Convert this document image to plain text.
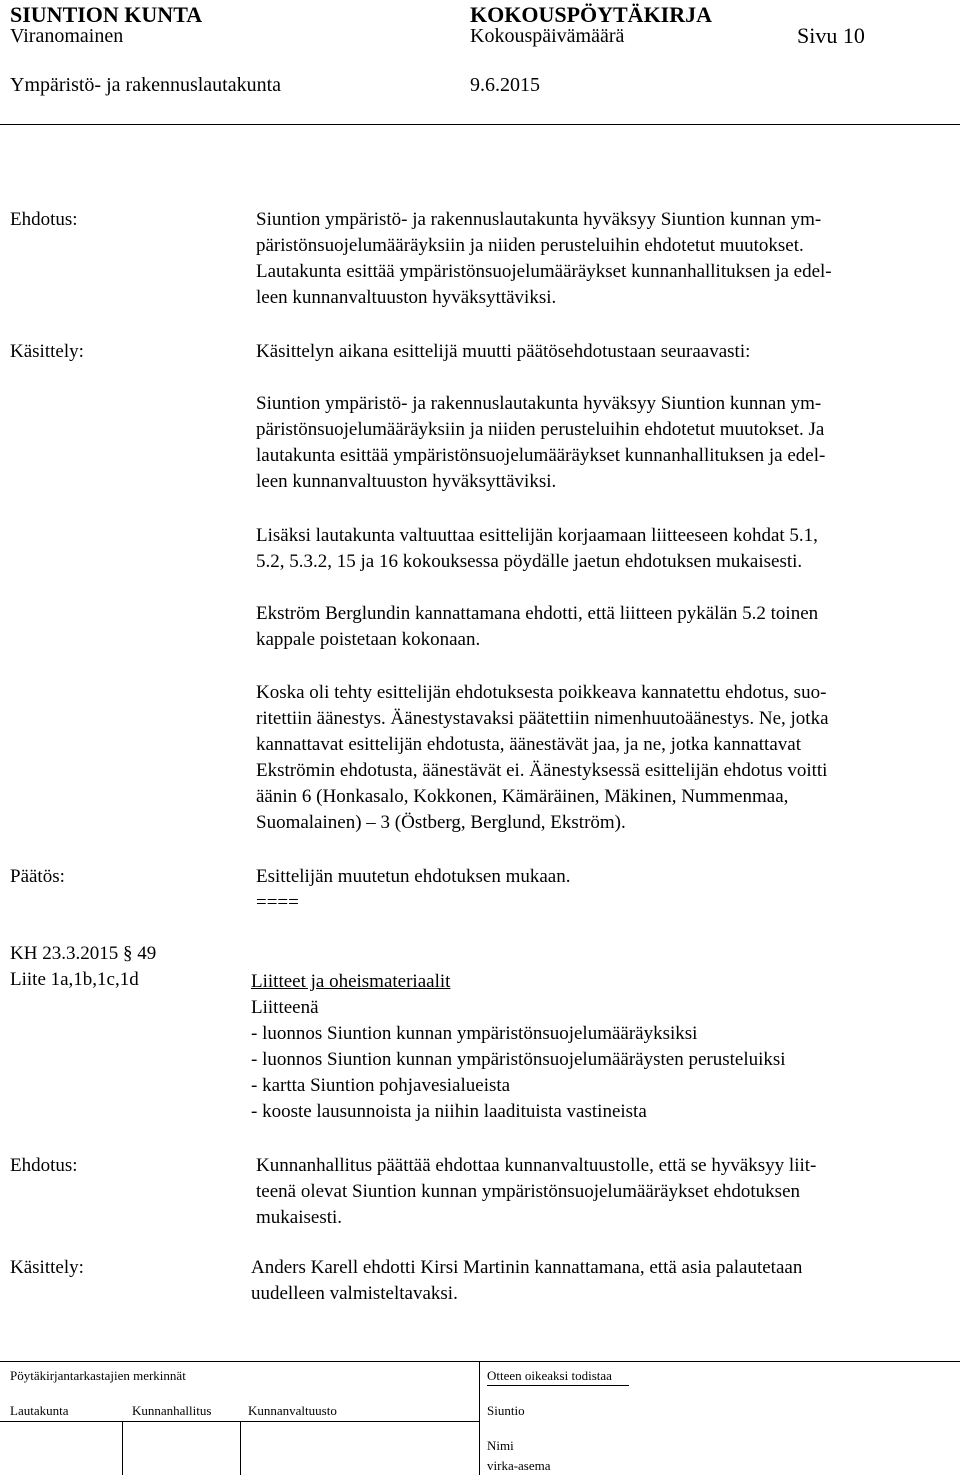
SIUNTION KUNTA	KOKOUSPÖYTÄKIRJA
Viranomainen	Kokouspäivämäärä	Sivu 10
Ympäristö- ja rakennuslautakunta	9.6.2015
Ehdotus:	Siuntion ympäristö- ja rakennuslautakunta hyväksyy Siuntion kunnan ym-

päristönsuojelumääräyksiin ja niiden perusteluihin ehdotetut muutokset.

Lautakunta esittää ympäristönsuojelumääräykset kunnanhallituksen ja edel-

leen kunnanvaltuuston hyväksyttäviksi.

Käsittely:	Käsittelyn aikana esittelijä muutti päätösehdotustaan seuraavasti:

Siuntion ympäristö- ja rakennuslautakunta hyväksyy Siuntion kunnan ym-

päristönsuojelumääräyksiin ja niiden perusteluihin ehdotetut muutokset. Ja

lautakunta esittää ympäristönsuojelumääräykset kunnanhallituksen ja edel-

leen kunnanvaltuuston hyväksyttäviksi.

Lisäksi lautakunta valtuuttaa esittelijän korjaamaan liitteeseen kohdat 5.1,

5.2, 5.3.2, 15 ja 16 kokouksessa pöydälle jaetun ehdotuksen mukaisesti.

Ekström Berglundin kannattamana ehdotti, että liitteen pykälän 5.2 toinen

kappale poistetaan kokonaan.

Koska oli tehty esittelijän ehdotuksesta poikkeava kannatettu ehdotus, suo-

ritettiin äänestys. Äänestystavaksi päätettiin nimenhuutoäänestys. Ne, jotka

kannattavat esittelijän ehdotusta, äänestävät jaa, ja ne, jotka kannattavat

Ekströmin ehdotusta, äänestävät ei. Äänestyksessä esittelijän ehdotus voitti

äänin 6 (Honkasalo, Kokkonen, Kämäräinen, Mäkinen, Nummenmaa,

Suomalainen) – 3 (Östberg, Berglund, Ekström).

Päätös:	Esittelijän muutetun ehdotuksen mukaan.

====

KH 23.3.2015 § 49
Liite 1a,1b,1c,1d	Liitteet ja oheismateriaalit

Liitteenä

- luonnos Siuntion kunnan ympäristönsuojelumääräyksiksi

- luonnos Siuntion kunnan ympäristönsuojelumääräysten perusteluiksi

- kartta Siuntion pohjavesialueista

- kooste lausunnoista ja niihin laadituista vastineista

Ehdotus:	Kunnanhallitus päättää ehdottaa kunnanvaltuustolle, että se hyväksyy liit-

teenä olevat Siuntion kunnan ympäristönsuojelumääräykset ehdotuksen

mukaisesti.

Käsittely:	Anders Karell ehdotti Kirsi Martinin kannattamana, että asia palautetaan

uudelleen valmisteltavaksi.

Pöytäkirjantarkastajien merkinnät	Otteen oikeaksi todistaa
Lautakunta	Kunnanhallitus	Kunnanvaltuusto	Siuntio
Nimi
virka-asema
